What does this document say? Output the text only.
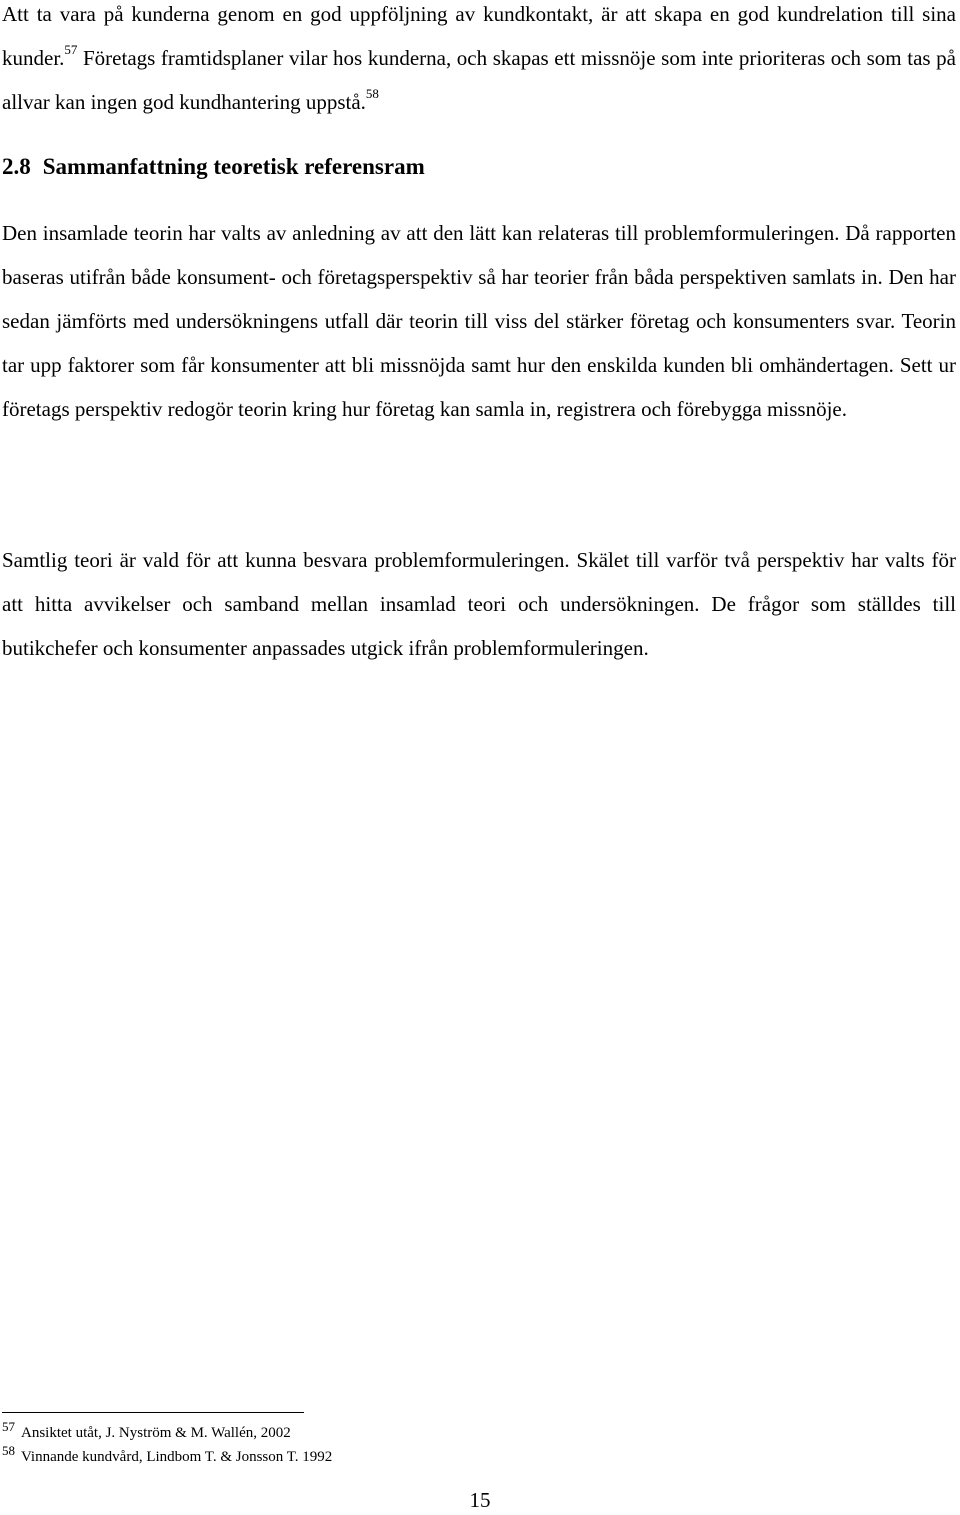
Att ta vara på kunderna genom en god uppföljning av kundkontakt, är att skapa en god kundrelation till sina kunder.$^{57}$ Företags framtidsplaner vilar hos kunderna, och skapas ett missnöje som inte prioriteras och som tas på allvar kan ingen god kundhantering uppstå.$^{58}$

2.8 Sammanfattning teoretisk referensram

Den insamlade teorin har valts av anledning av att den lätt kan relateras till problemformuleringen. Då rapporten baseras utifrån både konsument- och företagsperspektiv så har teorier från båda perspektiven samlats in. Den har sedan jämförts med undersökningens utfall där teorin till viss del stärker företag och konsumenters svar. Teorin tar upp faktorer som får konsumenter att bli missnöjda samt hur den enskilda kunden bli omhändertagen. Sett ur företags perspektiv redogör teorin kring hur företag kan samla in, registrera och förebygga missnöje.

Samtlig teori är vald för att kunna besvara problemformuleringen. Skälet till varför två perspektiv har valts för att hitta avvikelser och samband mellan insamlad teori och undersökningen. De frågor som ställdes till butikchefer och konsumenter anpassades utgick ifrån problemformuleringen.

57 Ansiktet utåt, J. Nyström & M. Wallén, 2002

58 Vinnande kundvård, Lindbom T. & Jonsson T. 1992

15
